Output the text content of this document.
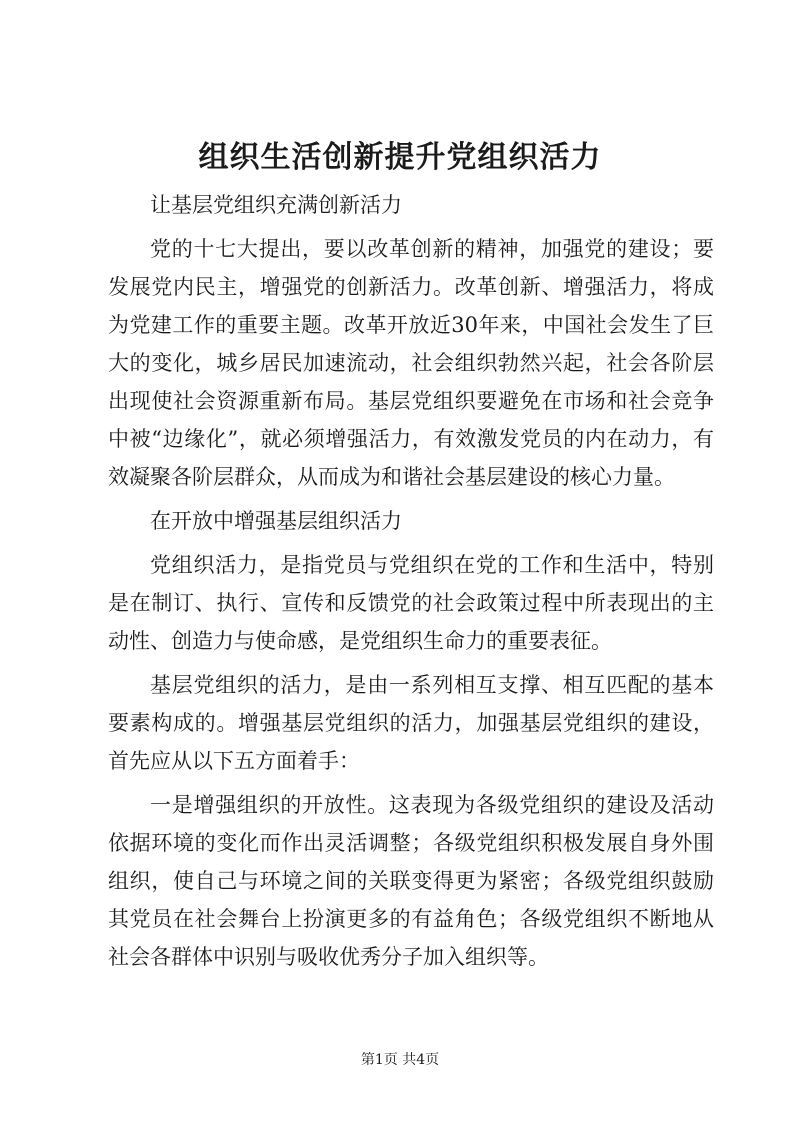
组织生活创新提升党组织活力

让基层党组织充满创新活力

党的十七大提出，要以改革创新的精神，加强党的建设；要发展党内民主，增强党的创新活力。改革创新、增强活力，将成为党建工作的重要主题。改革开放近30年来，中国社会发生了巨大的变化，城乡居民加速流动，社会组织勃然兴起，社会各阶层出现使社会资源重新布局。基层党组织要避免在市场和社会竞争中被“边缘化”，就必须增强活力，有效激发党员的内在动力，有效凝聚各阶层群众，从而成为和谐社会基层建设的核心力量。

在开放中增强基层组织活力

党组织活力，是指党员与党组织在党的工作和生活中，特别是在制订、执行、宣传和反馈党的社会政策过程中所表现出的主动性、创造力与使命感，是党组织生命力的重要表征。

基层党组织的活力，是由一系列相互支撑、相互匹配的基本要素构成的。增强基层党组织的活力，加强基层党组织的建设，首先应从以下五方面着手：

一是增强组织的开放性。这表现为各级党组织的建设及活动依据环境的变化而作出灵活调整；各级党组织积极发展自身外围组织，使自己与环境之间的关联变得更为紧密；各级党组织鼓励其党员在社会舞台上扮演更多的有益角色；各级党组织不断地从社会各群体中识别与吸收优秀分子加入组织等。

第1页 共4页
